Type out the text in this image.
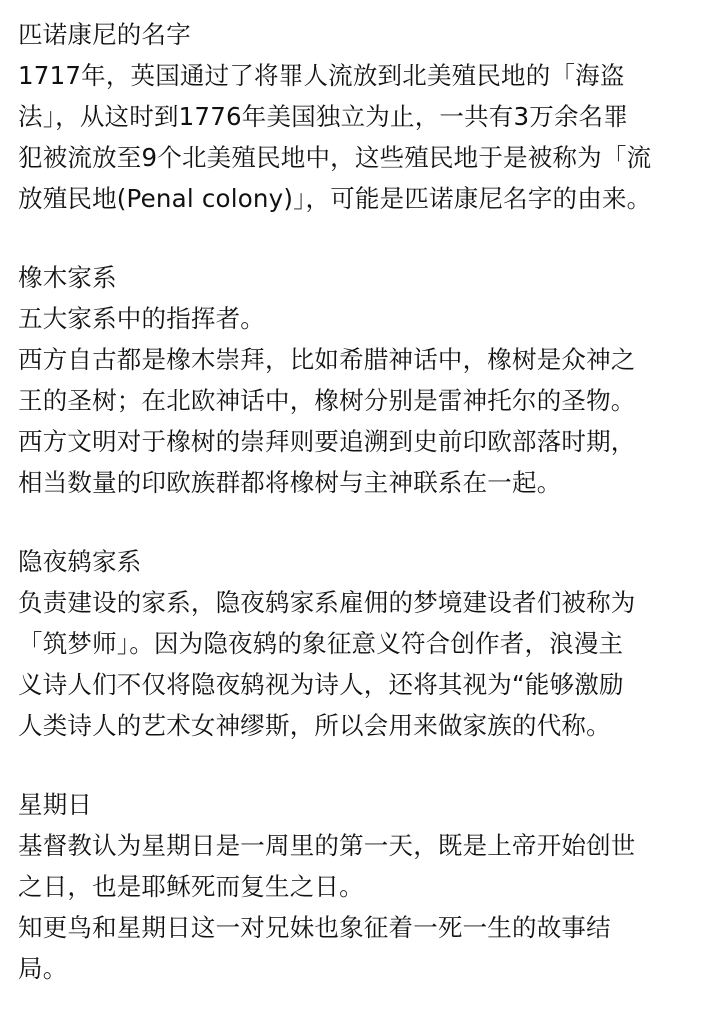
匹诺康尼的名字
1717年，英国通过了将罪人流放到北美殖民地的「海盗
法」，从这时到1776年美国独立为止，一共有3万余名罪
犯被流放至9个北美殖民地中，这些殖民地于是被称为「流
放殖民地(Penal colony)」，可能是匹诺康尼名字的由来。
橡木家系
五大家系中的指挥者。
西方自古都是橡木崇拜，比如希腊神话中，橡树是众神之
王的圣树；在北欧神话中，橡树分别是雷神托尔的圣物。
西方文明对于橡树的崇拜则要追溯到史前印欧部落时期，
相当数量的印欧族群都将橡树与主神联系在一起。
隐夜鸫家系
负责建设的家系，隐夜鸫家系雇佣的梦境建设者们被称为
「筑梦师」。因为隐夜鸫的象征意义符合创作者，浪漫主
义诗人们不仅将隐夜鸫视为诗人，还将其视为“能够激励
人类诗人的艺术女神缪斯，所以会用来做家族的代称。
星期日
基督教认为星期日是一周里的第一天，既是上帝开始创世
之日，也是耶稣死而复生之日。
知更鸟和星期日这一对兄妹也象征着一死一生的故事结
局。
